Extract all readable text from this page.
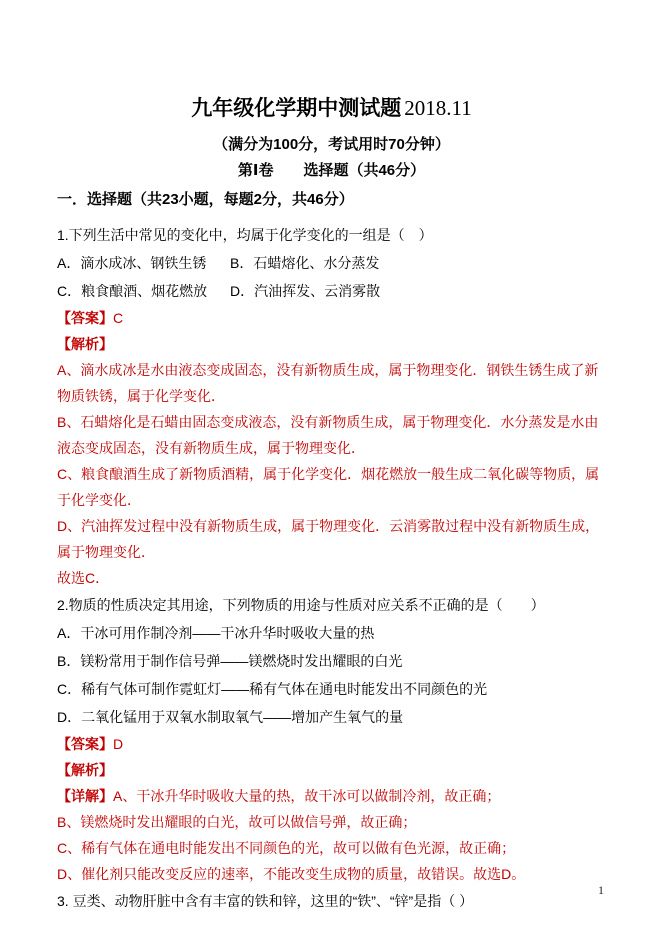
九年级化学期中测试题 2018.11
（满分为100分，考试用时70分钟）
第Ⅰ卷　　选择题（共46分）
一．选择题（共23小题，每题2分，共46分）

1.下列生活中常见的变化中，均属于化学变化的一组是（　）

A．滴水成冰、钢铁生锈	B．石蜡熔化、水分蒸发
C．粮食酿酒、烟花燃放	D．汽油挥发、云消雾散

【答案】C

【解析】

A、滴水成冰是水由液态变成固态，没有新物质生成，属于物理变化．钢铁生锈生成了新物质铁锈，属于化学变化．

B、石蜡熔化是石蜡由固态变成液态，没有新物质生成，属于物理变化．水分蒸发是水由液态变成固态，没有新物质生成，属于物理变化．

C、粮食酿酒生成了新物质酒精，属于化学变化．烟花燃放一般生成二氧化碳等物质，属于化学变化．

D、汽油挥发过程中没有新物质生成，属于物理变化．云消雾散过程中没有新物质生成，属于物理变化．

故选C．

2.物质的性质决定其用途，下列物质的用途与性质对应关系不正确的是（　　）

A．干冰可用作制冷剂——干冰升华时吸收大量的热

B．镁粉常用于制作信号弹——镁燃烧时发出耀眼的白光

C．稀有气体可制作霓虹灯——稀有气体在通电时能发出不同颜色的光

D．二氧化锰用于双氧水制取氧气——增加产生氧气的量

【答案】D

【解析】

【详解】A、干冰升华时吸收大量的热，故干冰可以做制冷剂，故正确；

B、镁燃烧时发出耀眼的白光，故可以做信号弹，故正确；

C、稀有气体在通电时能发出不同颜色的光，故可以做有色光源，故正确；

D、催化剂只能改变反应的速率，不能改变生成物的质量，故错误。故选D。

3. 豆类、动物肝脏中含有丰富的铁和锌，这里的“铁”、“锌”是指（ ）

1
